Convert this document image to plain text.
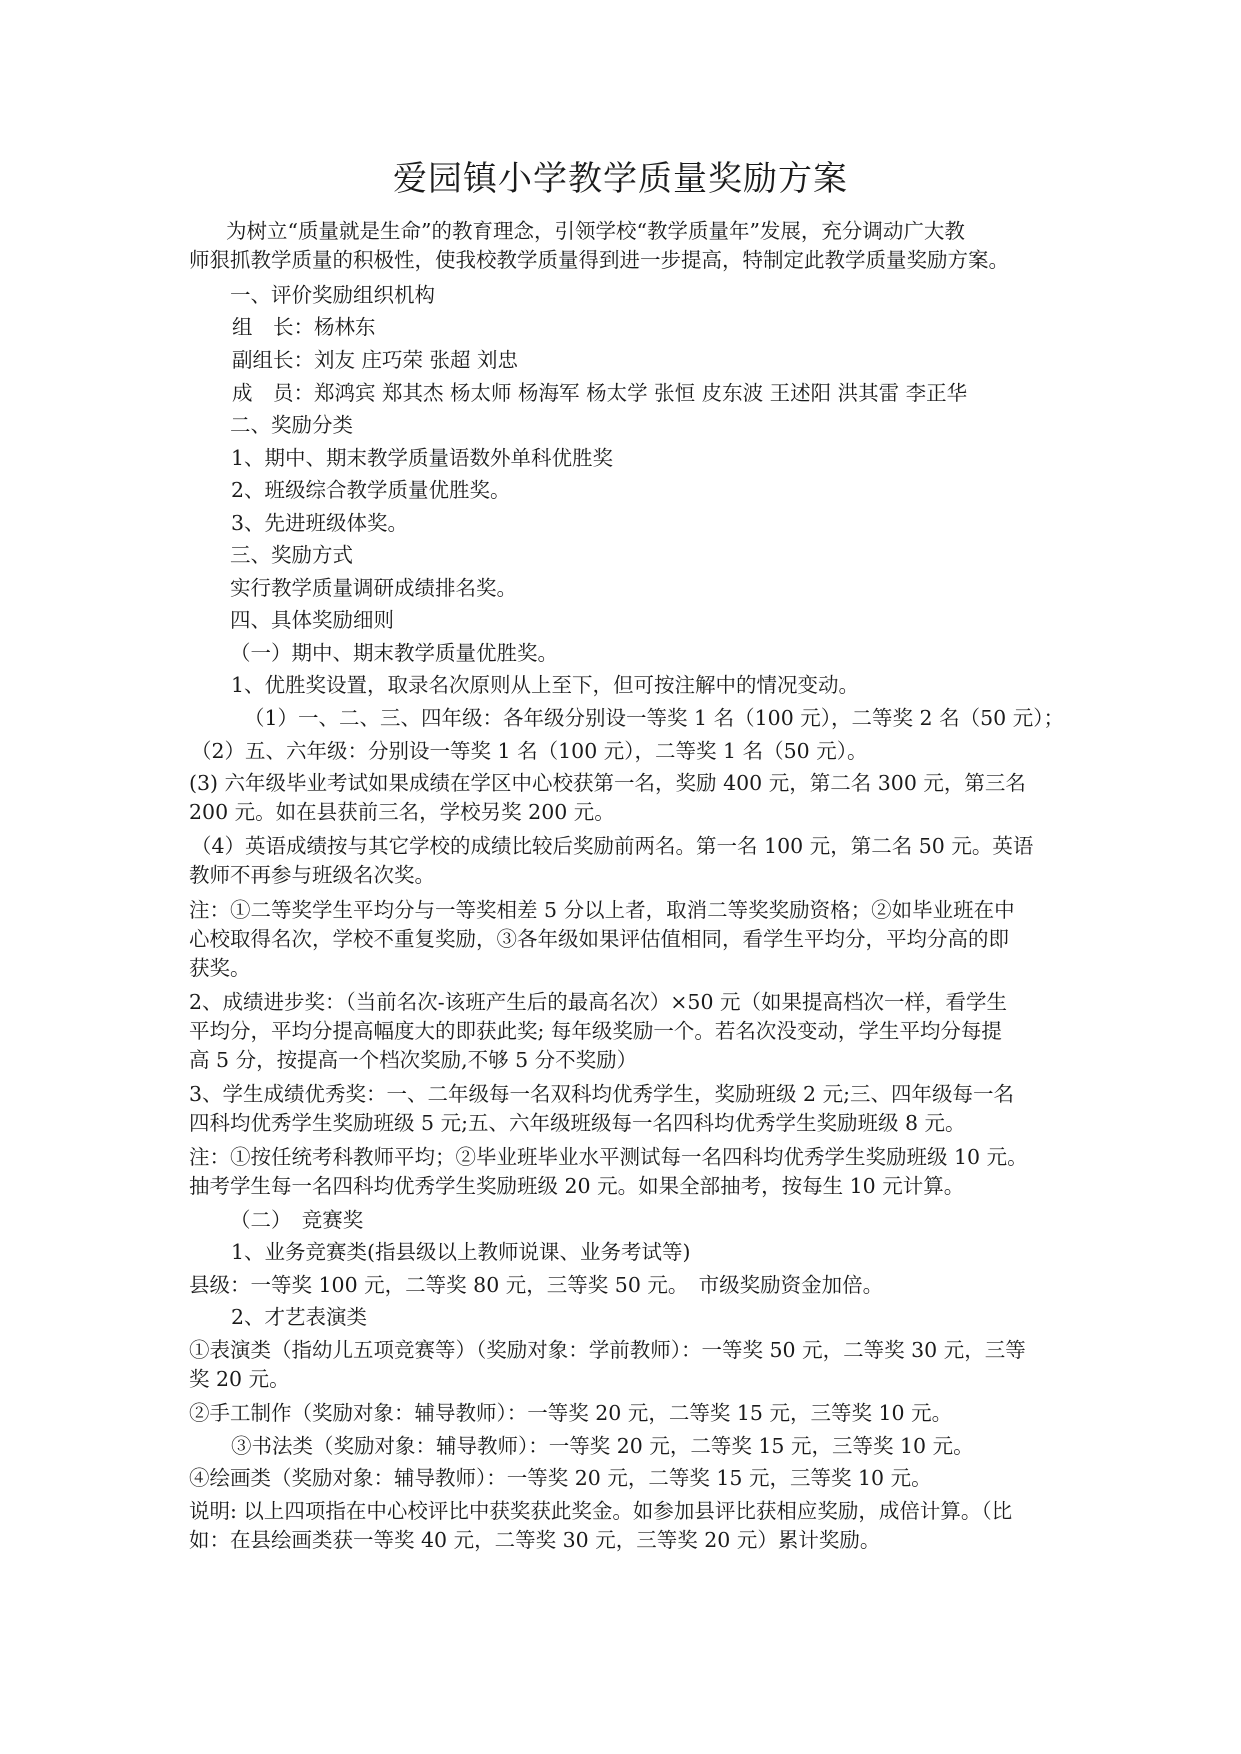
爱园镇小学教学质量奖励方案
为树立“质量就是生命”的教育理念，引领学校“教学质量年”发展，充分调动广大教
师狠抓教学质量的积极性，使我校教学质量得到进一步提高，特制定此教学质量奖励方案。
一、评价奖励组织机构
组　长：杨林东
副组长：刘友 庄巧荣 张超 刘忠
成　员：郑鸿宾 郑其杰 杨太师 杨海军 杨太学 张恒 皮东波 王述阳 洪其雷 李正华
二、奖励分类
1、期中、期末教学质量语数外单科优胜奖
2、班级综合教学质量优胜奖。
3、先进班级体奖。
三、奖励方式
实行教学质量调研成绩排名奖。
四、具体奖励细则
（一）期中、期末教学质量优胜奖。
1、优胜奖设置，取录名次原则从上至下，但可按注解中的情况变动。
（1）一、二、三、四年级：各年级分别设一等奖 1 名（100 元），二等奖 2 名（50 元）；
（2）五、六年级：分别设一等奖 1 名（100 元），二等奖 1 名（50 元）。
(3) 六年级毕业考试如果成绩在学区中心校获第一名，奖励 400 元，第二名 300 元，第三名
200 元。如在县获前三名，学校另奖 200 元。
（4）英语成绩按与其它学校的成绩比较后奖励前两名。第一名 100 元，第二名 50 元。英语
教师不再参与班级名次奖。
注：①二等奖学生平均分与一等奖相差 5 分以上者，取消二等奖奖励资格；②如毕业班在中
心校取得名次，学校不重复奖励，③各年级如果评估值相同，看学生平均分，平均分高的即
获奖。
2、成绩进步奖：（当前名次-该班产生后的最高名次）×50 元（如果提高档次一样，看学生
平均分，平均分提高幅度大的即获此奖; 每年级奖励一个。若名次没变动，学生平均分每提
高 5 分，按提高一个档次奖励,不够 5 分不奖励）
3、学生成绩优秀奖：一、二年级每一名双科均优秀学生，奖励班级 2 元;三、四年级每一名
四科均优秀学生奖励班级 5 元;五、六年级班级每一名四科均优秀学生奖励班级 8 元。
注：①按任统考科教师平均；②毕业班毕业水平测试每一名四科均优秀学生奖励班级 10 元。
抽考学生每一名四科均优秀学生奖励班级 20 元。如果全部抽考，按每生 10 元计算。
（二）　竞赛奖
1、业务竞赛类(指县级以上教师说课、业务考试等)
县级：一等奖 100 元，二等奖 80 元，三等奖 50 元。　市级奖励资金加倍。
2、才艺表演类
①表演类（指幼儿五项竞赛等）（奖励对象：学前教师）：一等奖 50 元，二等奖 30 元，三等
奖 20 元。
②手工制作（奖励对象：辅导教师）：一等奖 20 元，二等奖 15 元，三等奖 10 元。
③书法类（奖励对象：辅导教师）：一等奖 20 元，二等奖 15 元，三等奖 10 元。
④绘画类（奖励对象：辅导教师）：一等奖 20 元，二等奖 15 元，三等奖 10 元。
说明: 以上四项指在中心校评比中获奖获此奖金。如参加县评比获相应奖励，成倍计算。（比
如：在县绘画类获一等奖 40 元，二等奖 30 元，三等奖 20 元）累计奖励。
